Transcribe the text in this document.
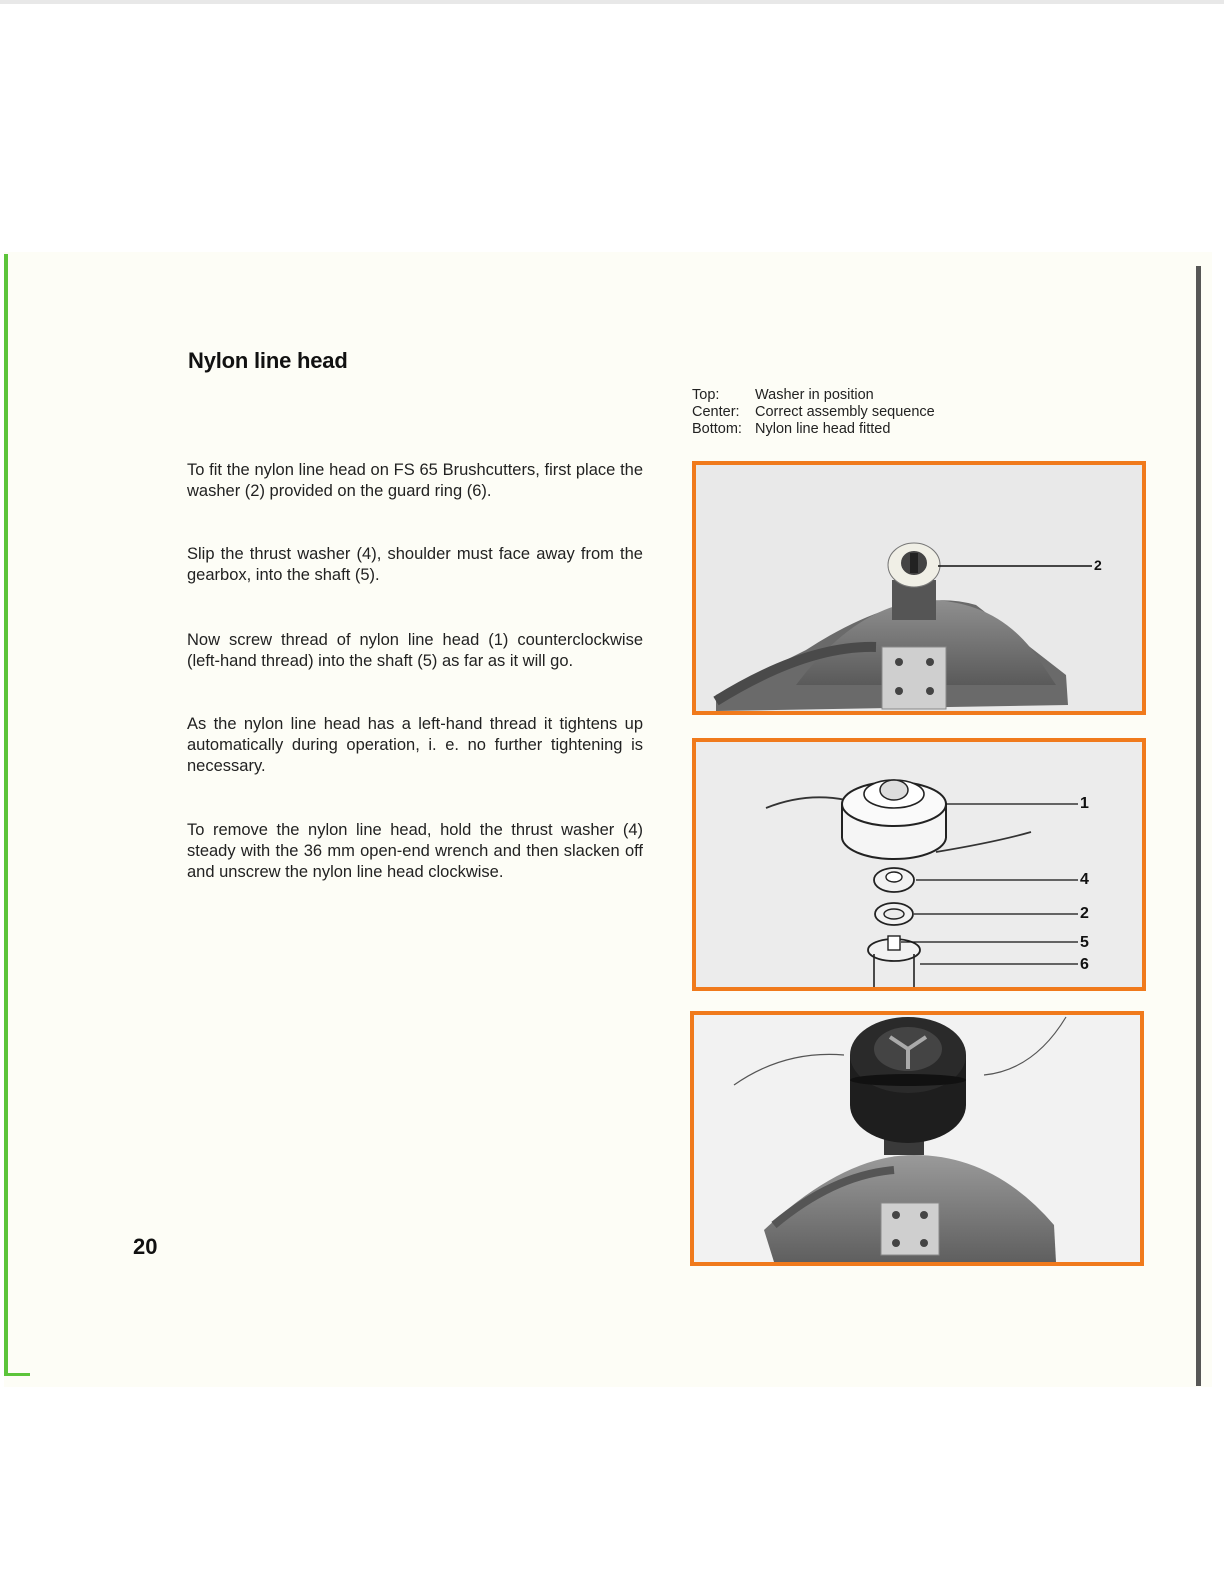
Nylon line head

To fit the nylon line head on FS 65 Brushcutters, first place the washer (2) provided on the guard ring (6).

Slip the thrust washer (4), shoulder must face away from the gearbox, into the shaft (5).

Now screw thread of nylon line head (1) counterclockwise (left-hand thread) into the shaft (5) as far as it will go.

As the nylon line head has a left-hand thread it tightens up automatically during operation, i. e. no further tightening is necessary.

To remove the nylon line head, hold the thrust washer (4) steady with the 36 mm open-end wrench and then slacken off and unscrew the nylon line head clockwise.

20
Top:	Washer in position
Center:	Correct assembly sequence
Bottom: Nylon line head fitted
2
1
4
2
5
6
